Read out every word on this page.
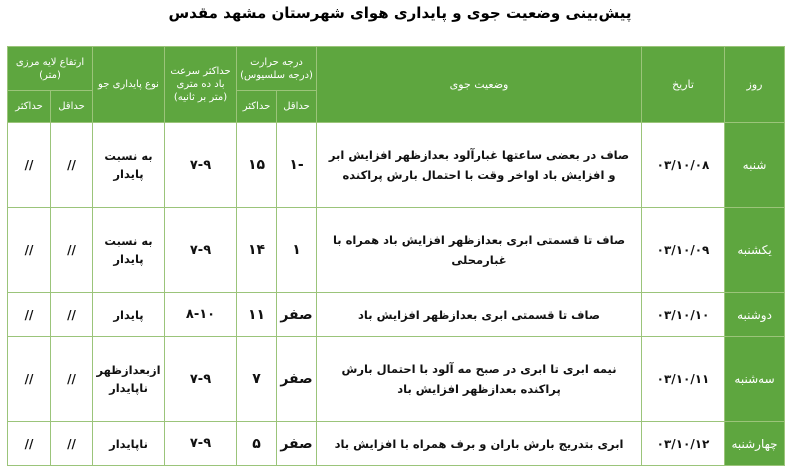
پیش‌بینی وضعیت جوی و پایداری هوای شهرستان مشهد مقدس
روز	تاریخ	وضعیت جوی	درجه حرارت (درجه سلسیوس)		حداکثر سرعت باد ده متری (متر بر ثانیه)	نوع پایداری جو	ارتفاع لایه مرزی (متر)	
			حداقل	حداکثر			حداقل	حداکثر
شنبه	۰۳/۱۰/۰۸	صاف در بعضی ساعتها غبارآلود بعدازظهر افزایش ابر و افزایش باد اواخر وقت با احتمال بارش پراکنده	-۱	۱۵	۷-۹	به نسبت پایدار	//	//
یکشنبه	۰۳/۱۰/۰۹	صاف تا قسمتی ابری بعدازظهر افزایش باد همراه با غبارمحلی	۱	۱۴	۷-۹	به نسبت پایدار	//	//
دوشنبه	۰۳/۱۰/۱۰	صاف تا قسمتی ابری بعدازظهر افزایش باد	صفر	۱۱	۸-۱۰	پایدار	//	//
سه‌شنبه	۰۳/۱۰/۱۱	نیمه ابری تا ابری در صبح مه آلود با احتمال بارش پراکنده بعدازظهر افزایش باد	صفر	۷	۷-۹	ازبعدازظهر ناپایدار	//	//
چهارشنبه	۰۳/۱۰/۱۲	ابری بتدریج بارش باران و برف همراه با افزایش باد	صفر	۵	۷-۹	ناپایدار	//	//
